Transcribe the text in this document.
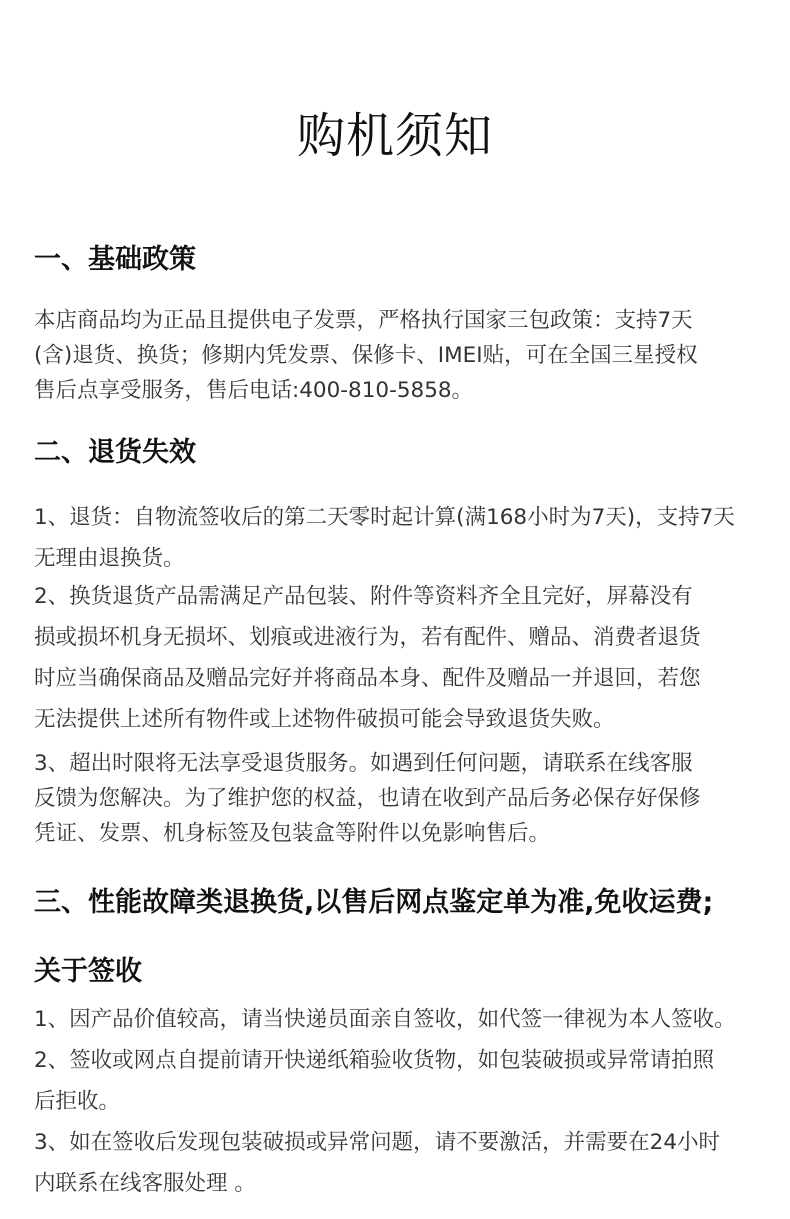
购机须知
一、基础政策

本店商品均为正品且提供电子发票，严格执行国家三包政策：支持7天
(含)退货、换货；修期内凭发票、保修卡、IMEI贴，可在全国三星授权
售后点享受服务，售后电话:400-810-5858。

二、退货失效

1、退货：自物流签收后的第二天零时起计算(满168小时为7天)，支持7天
无理由退换货。

2、换货退货产品需满足产品包装、附件等资料齐全且完好，屏幕没有
损或损坏机身无损坏、划痕或进液行为，若有配件、赠品、消费者退货
时应当确保商品及赠品完好并将商品本身、配件及赠品一并退回，若您
无法提供上述所有物件或上述物件破损可能会导致退货失败。

3、超出时限将无法享受退货服务。如遇到任何问题，请联系在线客服
反馈为您解决。为了维护您的权益，也请在收到产品后务必保存好保修
凭证、发票、机身标签及包装盒等附件以免影响售后。

三、性能故障类退换货,以售后网点鉴定单为准,免收运费;
关于签收

1、因产品价值较高，请当快递员面亲自签收，如代签一律视为本人签收。
2、签收或网点自提前请开快递纸箱验收货物，如包装破损或异常请拍照
后拒收。
3、如在签收后发现包装破损或异常问题，请不要激活，并需要在24小时
内联系在线客服处理 。
